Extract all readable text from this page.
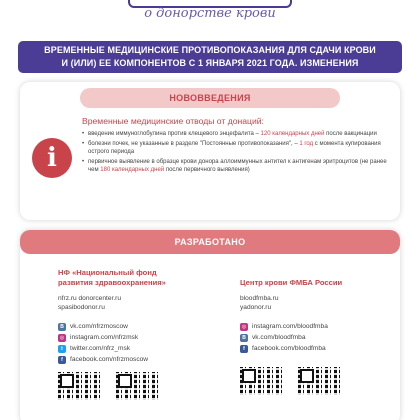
о донорстве крови
ВРЕМЕННЫЕ МЕДИЦИНСКИЕ ПРОТИВОПОКАЗАНИЯ ДЛЯ СДАЧИ КРОВИ
И (ИЛИ) ЕЕ КОМПОНЕНТОВ С 1 ЯНВАРЯ 2021 ГОДА. ИЗМЕНЕНИЯ
НОВОВВЕДЕНИЯ
i
Временные медицинские отводы от донаций:
• введение иммуноглобулина против клещевого энцефалита – 120 календарных дней после вакцинации
• болезни почек, не указанные в разделе "Постоянные противопоказания", – 1 год с момента купирования острого периода
• первичное выявление в образце крови донора аллоиммунных антител к антигенам эритроцитов (не ранее чем 180 календарных дней после первичного выявления)
РАЗРАБОТАНО
НФ «Национальный фонд
развития здравоохранения»
nfrz.ru donorcenter.ru
spasibodonor.ru
В vk.com/nfrzmoscow
◎ instagram.com/nfrzmsk
t	twitter.com/nfrz_msk
f	facebook.com/nfrzmoscow
Центр крови ФМБА России
bloodfmba.ru
yadonor.ru
◎ instagram.com/bloodfmba
В vk.com/bloodfmba
f	facebook.com/bloodfmba
